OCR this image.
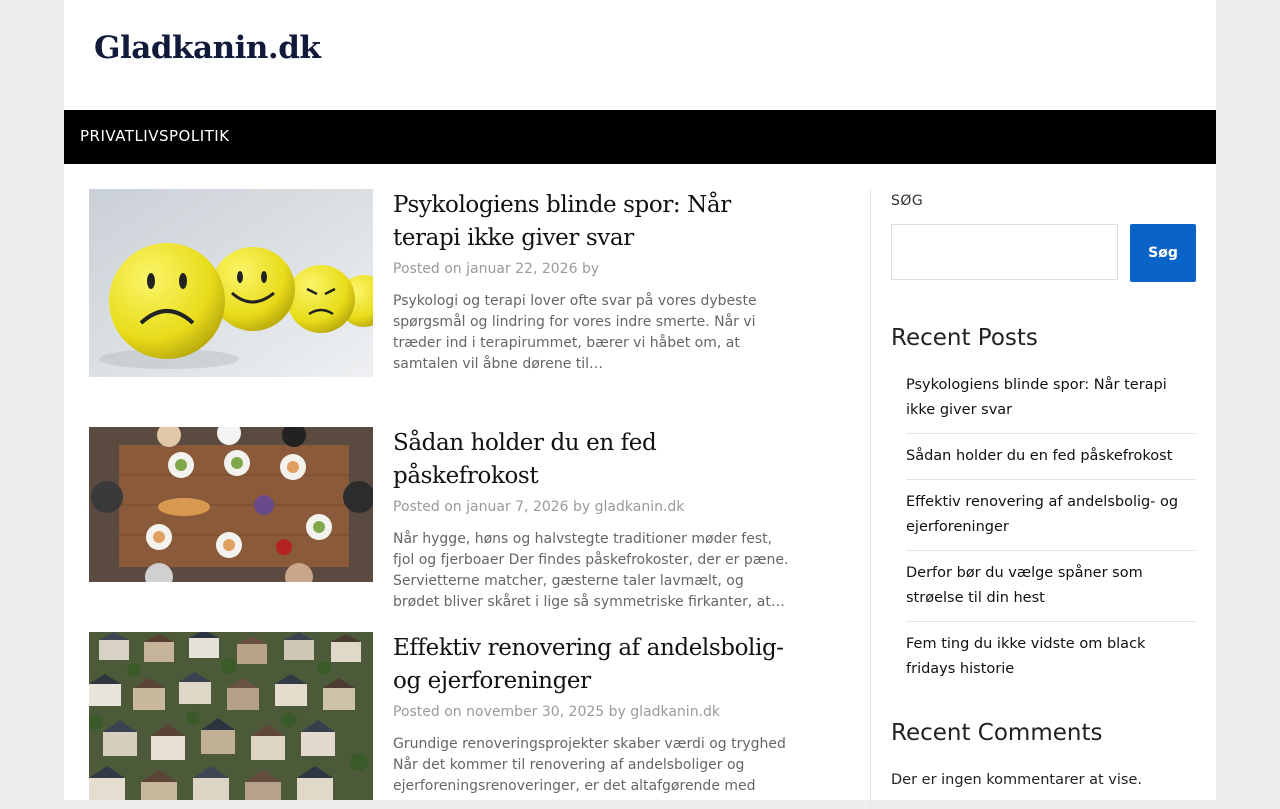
Gladkanin.dk
PRIVATLIVSPOLITIK
Psykologiens blinde spor: Når terapi ikke giver svar
Posted on januar 22, 2026 by
Psykologi og terapi lover ofte svar på vores dybeste spørgsmål og lindring for vores indre smerte. Når vi træder ind i terapirummet, bærer vi håbet om, at samtalen vil åbne dørene til…
Sådan holder du en fed påskefrokost
Posted on januar 7, 2026 by gladkanin.dk
Når hygge, høns og halvstegte traditioner møder fest, fjol og fjerboaer Der findes påskefrokoster, der er pæne. Servietterne matcher, gæsterne taler lavmælt, og brødet bliver skåret i lige så symmetriske firkanter, at…
Effektiv renovering af andelsbolig- og ejerforeninger
Posted on november 30, 2025 by gladkanin.dk
Grundige renoveringsprojekter skaber værdi og tryghed Når det kommer til renovering af andelsboliger og ejerforeningsrenoveringer, er det altafgørende med
SØG
Søg
Recent Posts
Psykologiens blinde spor: Når terapi ikke giver svar
Sådan holder du en fed påskefrokost
Effektiv renovering af andelsbolig- og ejerforeninger
Derfor bør du vælge spåner som strøelse til din hest
Fem ting du ikke vidste om black fridays historie
Recent Comments
Der er ingen kommentarer at vise.
